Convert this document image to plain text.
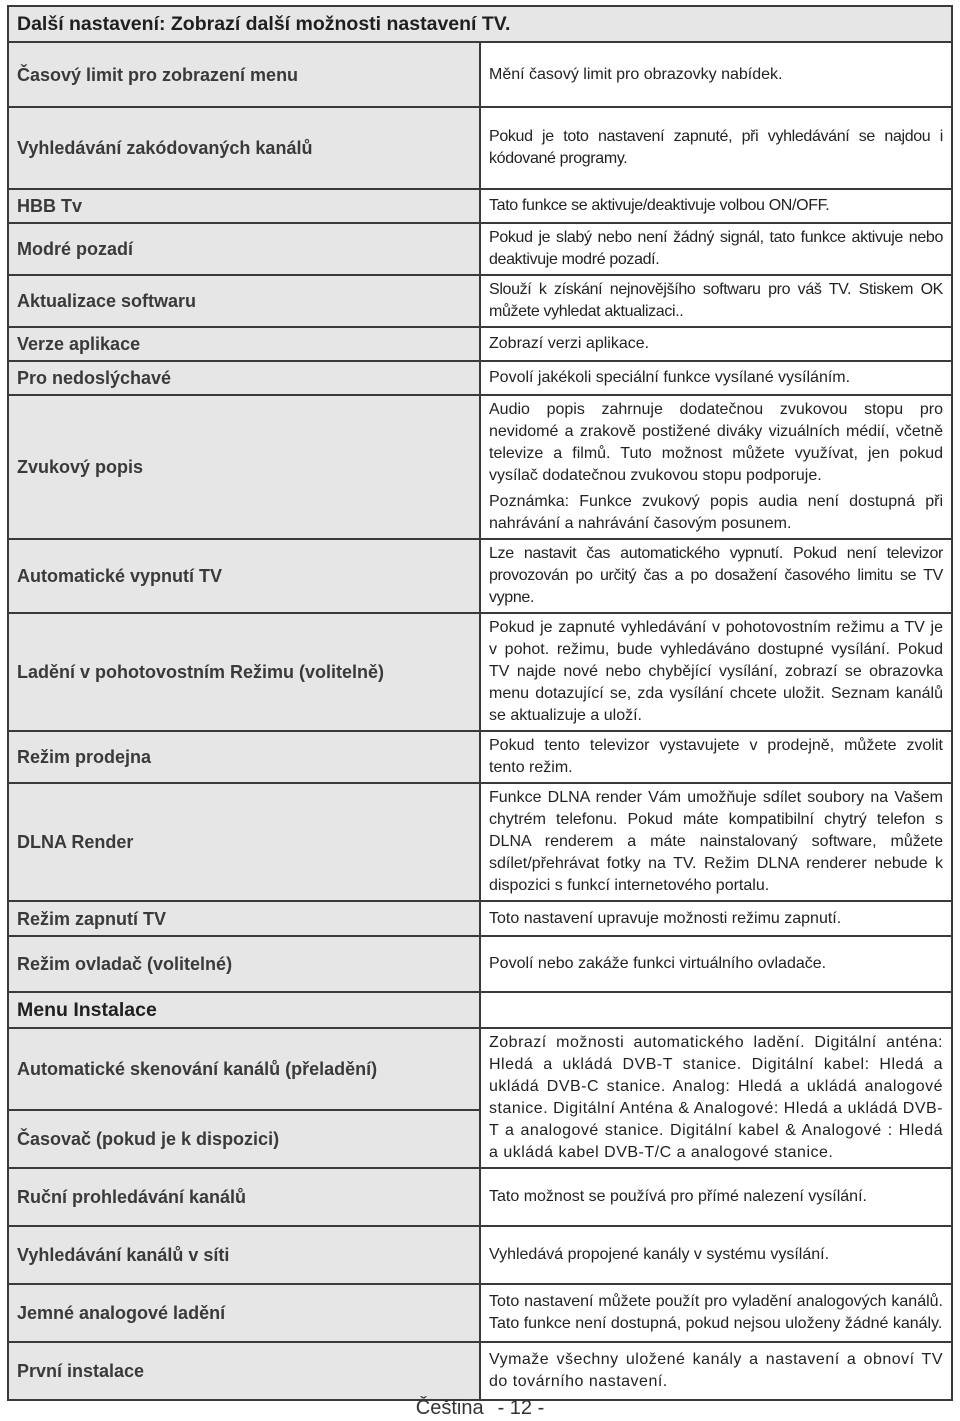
Další nastavení: Zobrazí další možnosti nastavení TV.	
Časový limit pro zobrazení menu	Mění časový limit pro obrazovky nabídek.

Vyhledávání zakódovaných kanálů	Pokud je toto nastavení zapnuté, při vyhledávání se najdou i kódované programy.

HBB Tv	Tato funkce se aktivuje/deaktivuje volbou ON/OFF.

Modré pozadí	Pokud je slabý nebo není žádný signál, tato funkce aktivuje nebo deaktivuje modré pozadí.

Aktualizace softwaru	Slouží k získání nejnovějšího softwaru pro váš TV. Stiskem OK můžete vyhledat aktualizaci..

Verze aplikace	Zobrazí verzi aplikace.

Pro nedoslýchavé	Povolí jakékoli speciální funkce vysílané vysíláním.

Zvukový popis	Audio popis zahrnuje dodatečnou zvukovou stopu pro nevidomé a zrakově postižené diváky vizuálních médií, včetně televize a filmů. Tuto možnost můžete využívat, jen pokud vysílač dodatečnou zvukovou stopu podporuje.
Poznámka: Funkce zvukový popis audia není dostupná při nahrávání a nahrávání časovým posunem.

Automatické vypnutí TV	Lze nastavit čas automatického vypnutí. Pokud není televizor provozován po určitý čas a po dosažení časového limitu se TV vypne.

Ladění v pohotovostním Režimu (volitelně)	Pokud je zapnuté vyhledávání v pohotovostním režimu a TV je v pohot. režimu, bude vyhledáváno dostupné vysílání. Pokud TV najde nové nebo chybějící vysílání, zobrazí se obrazovka menu dotazující se, zda vysílání chcete uložit. Seznam kanálů se aktualizuje a uloží.

Režim prodejna	Pokud tento televizor vystavujete v prodejně, můžete zvolit tento režim.

DLNA Render	Funkce DLNA render Vám umožňuje sdílet soubory na Vašem chytrém telefonu. Pokud máte kompatibilní chytrý telefon s DLNA renderem a máte nainstalovaný software, můžete sdílet/přehrávat fotky na TV. Režim DLNA renderer nebude k dispozici s funkcí internetového portalu.

Režim zapnutí TV	Toto nastavení upravuje možnosti režimu zapnutí.

Režim ovladač (volitelné)	Povolí nebo zakáže funkci virtuálního ovladače.

Menu Instalace	
Automatické skenování kanálů (přeladění)	Zobrazí možnosti automatického ladění. Digitální anténa: Hledá a ukládá DVB-T stanice. Digitální kabel: Hledá a ukládá DVB-C stanice. Analog: Hledá a ukládá analogové stanice. Digitální Anténa & Analogové: Hledá a ukládá DVB-T a analogové stanice. Digitální kabel & Analogové : Hledá a ukládá kabel DVB-T/C a analogové stanice.

Časovač (pokud je k dispozici)	
Ruční prohledávání kanálů	Tato možnost se používá pro přímé nalezení vysílání.

Vyhledávání kanálů v síti	Vyhledává propojené kanály v systému vysílání.

Jemné analogové ladění	Toto nastavení můžete použít pro vyladění analogových kanálů. Tato funkce není dostupná, pokud nejsou uloženy žádné kanály.

První instalace	Vymaže všechny uložené kanály a nastavení a obnoví TV do továrního nastavení.
Čeština - 12 -
